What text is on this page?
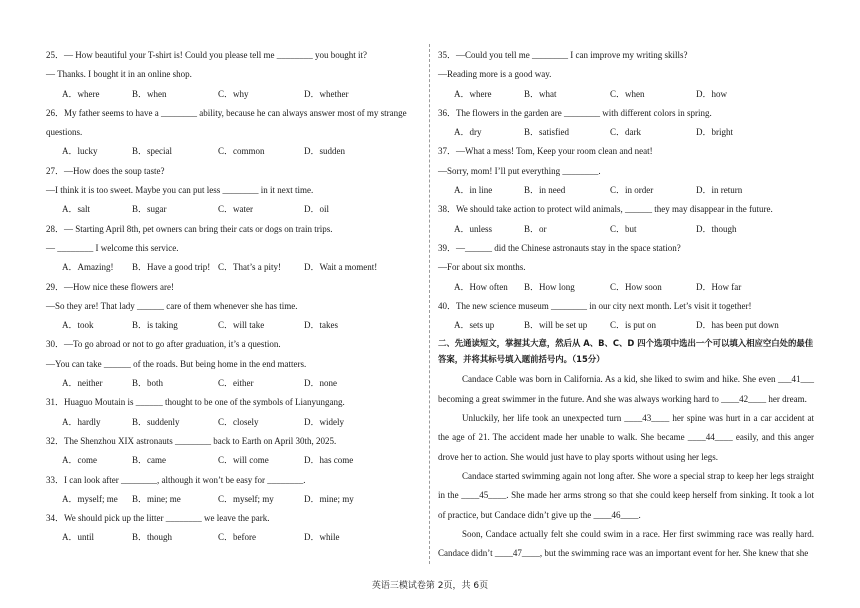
25．— How beautiful your T-shirt is! Could you please tell me ________ you bought it?
— Thanks. I bought it in an online shop.
A．where	B．when	C．why	D．whether
26．My father seems to have a ________ ability, because he can always answer most of my strange
questions.
A．lucky	B．special	C．common	D．sudden
27．—How does the soup taste?
—I think it is too sweet. Maybe you can put less ________ in it next time.
A．salt	B．sugar	C．water	D．oil
28．— Starting April 8th, pet owners can bring their cats or dogs on train trips.
— ________ I welcome this service.
A．Amazing! B．Have a good trip! C．That’s a pity!	D．Wait a moment!
29．—How nice these flowers are!
—So they are! That lady ______ care of them whenever she has time.
A．took	B．is taking	C．will take	D．takes
30．—To go abroad or not to go after graduation, it’s a question.
—You can take ______ of the roads. But being home in the end matters.
A．neither	B．both	C．either	D．none
31．Huaguo Moutain is ______ thought to be one of the symbols of Lianyungang.
A．hardly	B．suddenly	C．closely	D．widely
32．The Shenzhou XIX astronauts ________ back to Earth on April 30th, 2025.
A．come	B．came	C．will come	D．has come
33．I can look after ________, although it won’t be easy for ________.
A．myself; me B．mine; me	C．myself; my	D．mine; my
34．We should pick up the litter ________ we leave the park.
A．until	B．though	C．before	D．while
35．—Could you tell me ________ I can improve my writing skills?
—Reading more is a good way.
A．where	B．what	C．when	D．how
36．The flowers in the garden are ________ with different colors in spring.
A．dry	B．satisfied	C．dark	D．bright
37．—What a mess! Tom, Keep your room clean and neat!
—Sorry, mom! I’ll put everything ________.
A．in line	B．in need	C．in order	D．in return
38．We should take action to protect wild animals, ______ they may disappear in the future.
A．unless	B．or	C．but	D．though
39．—______ did the Chinese astronauts stay in the space station?
—For about six months.
A．How often B．How long	C．How soon	D．How far
40．The new science museum ________ in our city next month. Let’s visit it together!
A．sets up	B．will be set up	C．is put on	D．has been put down
二、先通读短文，掌握其大意，然后从 A、B、C、D 四个选项中选出一个可以填入相应空白处的最佳答案，并将其标号填入题前括号内。（15分）
Candace Cable was born in California. As a kid, she liked to swim and hike. She even ___41___ becoming a great swimmer in the future. And she was always working hard to ____42____ her dream.
Unluckily, her life took an unexpected turn ____43____ her spine was hurt in a car accident at the age of 21. The accident made her unable to walk. She became ____44____ easily, and this anger drove her to action. She would just have to play sports without using her legs.
Candace started swimming again not long after. She wore a special strap to keep her legs straight in the ____45____. She made her arms strong so that she could keep herself from sinking. It took a lot of practice, but Candace didn’t give up the ____46____.
Soon, Candace actually felt she could swim in a race. Her first swimming race was really hard. Candace didn’t ____47____, but the swimming race was an important event for her. She knew that she
英语三模试卷第 2页，共 6页
